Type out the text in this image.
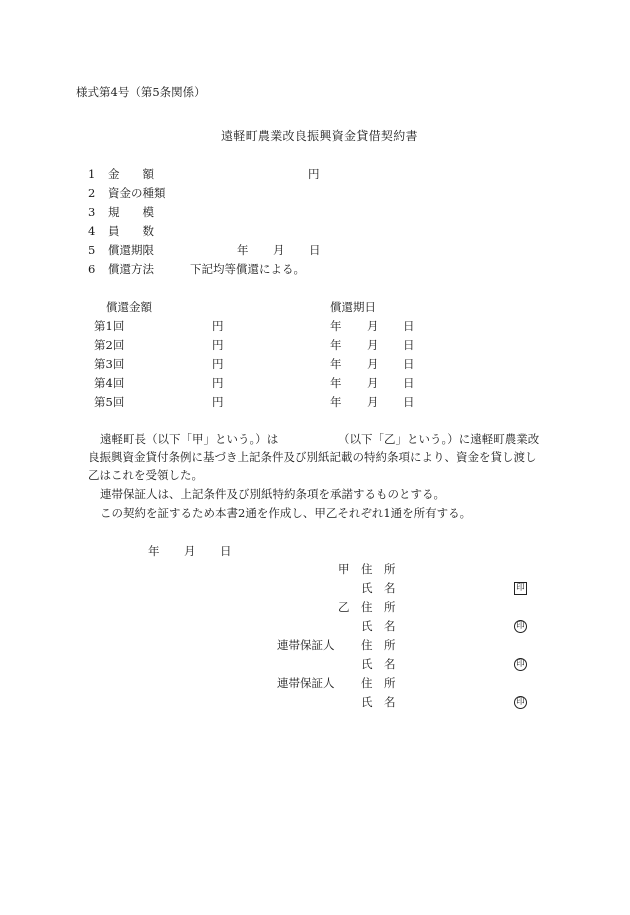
様式第4号（第5条関係）
遠軽町農業改良振興資金貸借契約書
1 金　　額	円
2 資金の種類
3 規　　模
4 員　　数
5 償還期限	年 月 日
6 償還方法	下記均等償還による。
償還金額	償還期日
第1回	円	年 月 日
第2回	円	年 月 日
第3回	円	年 月 日
第4回	円	年 月 日
第5回	円	年 月 日
遠軽町長（以下「甲」という。）は	（以下「乙」という。）に遠軽町農業改
良振興資金貸付条例に基づき上記条件及び別紙記載の特約条項により、資金を貸し渡し
乙はこれを受領した。
連帯保証人は、上記条件及び別紙特約条項を承諾するものとする。
この契約を証するため本書2通を作成し、甲乙それぞれ1通を所有する。
年 月 日
甲 住　所
氏　名	印
乙 住　所
氏　名	印
連帯保証人 住　所
氏　名	印
連帯保証人 住　所
氏　名	印
